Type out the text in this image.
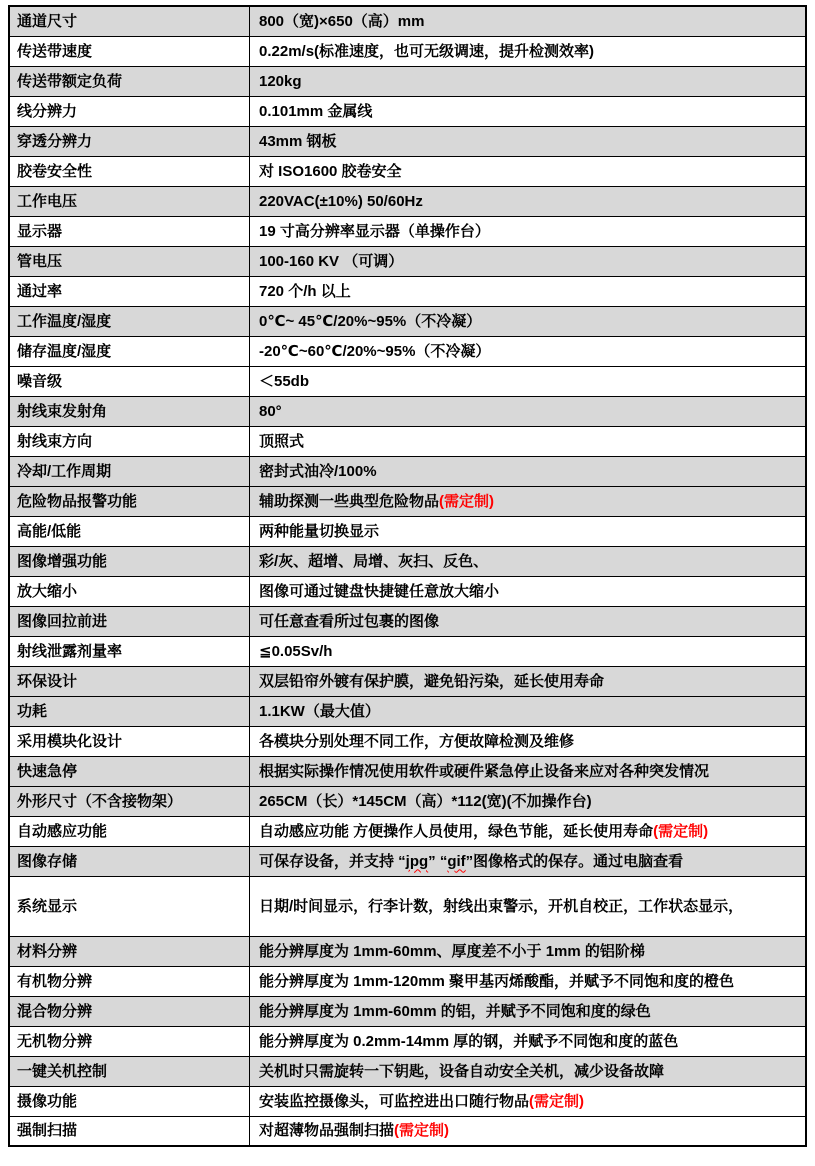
通道尺寸	800（宽)×650（高）mm
传送带速度	0.22m/s(标准速度，也可无级调速，提升检测效率)
传送带额定负荷	120kg
线分辨力	0.101mm 金属线
穿透分辨力	43mm 钢板
胶卷安全性	对 ISO1600 胶卷安全
工作电压	220VAC(±10%) 50/60Hz
显示器	19 寸高分辨率显示器（单操作台）
管电压	100-160 KV （可调）
通过率	720 个/h 以上
工作温度/湿度	0℃~ 45℃/20%~95%（不冷凝）
储存温度/湿度	-20℃~60℃/20%~95%（不冷凝）
噪音级	＜55db
射线束发射角	80°
射线束方向	顶照式
冷却/工作周期	密封式油冷/100%
危险物品报警功能	辅助探测一些典型危险物品(需定制)
高能/低能	两种能量切换显示
图像增强功能	彩/灰、超增、局增、灰扫、反色、
放大缩小	图像可通过键盘快捷键任意放大缩小
图像回拉前进	可任意查看所过包裹的图像
射线泄露剂量率	≦0.05Sv/h
环保设计	双层铅帘外镀有保护膜，避免铅污染，延长使用寿命
功耗	1.1KW（最大值）
采用模块化设计	各模块分别处理不同工作，方便故障检测及维修
快速急停	根据实际操作情况使用软件或硬件紧急停止设备来应对各种突发情况
外形尺寸（不含接物架）	265CM（长）*145CM（高）*112(宽)(不加操作台)
自动感应功能	自动感应功能 方便操作人员使用，绿色节能，延长使用寿命(需定制)
图像存储	可保存设备，并支持 “jpg” “gif”图像格式的保存。通过电脑查看
系统显示	日期/时间显示，行李计数，射线出束警示，开机自校正，工作状态显示，
材料分辨	能分辨厚度为 1mm-60mm、厚度差不小于 1mm 的铝阶梯
有机物分辨	能分辨厚度为 1mm-120mm 聚甲基丙烯酸酯，并赋予不同饱和度的橙色
混合物分辨	能分辨厚度为 1mm-60mm 的铝，并赋予不同饱和度的绿色
无机物分辨	能分辨厚度为 0.2mm-14mm 厚的钢，并赋予不同饱和度的蓝色
一键关机控制	关机时只需旋转一下钥匙，设备自动安全关机，减少设备故障
摄像功能	安装监控摄像头，可监控进出口随行物品(需定制)
强制扫描	对超薄物品强制扫描(需定制)
